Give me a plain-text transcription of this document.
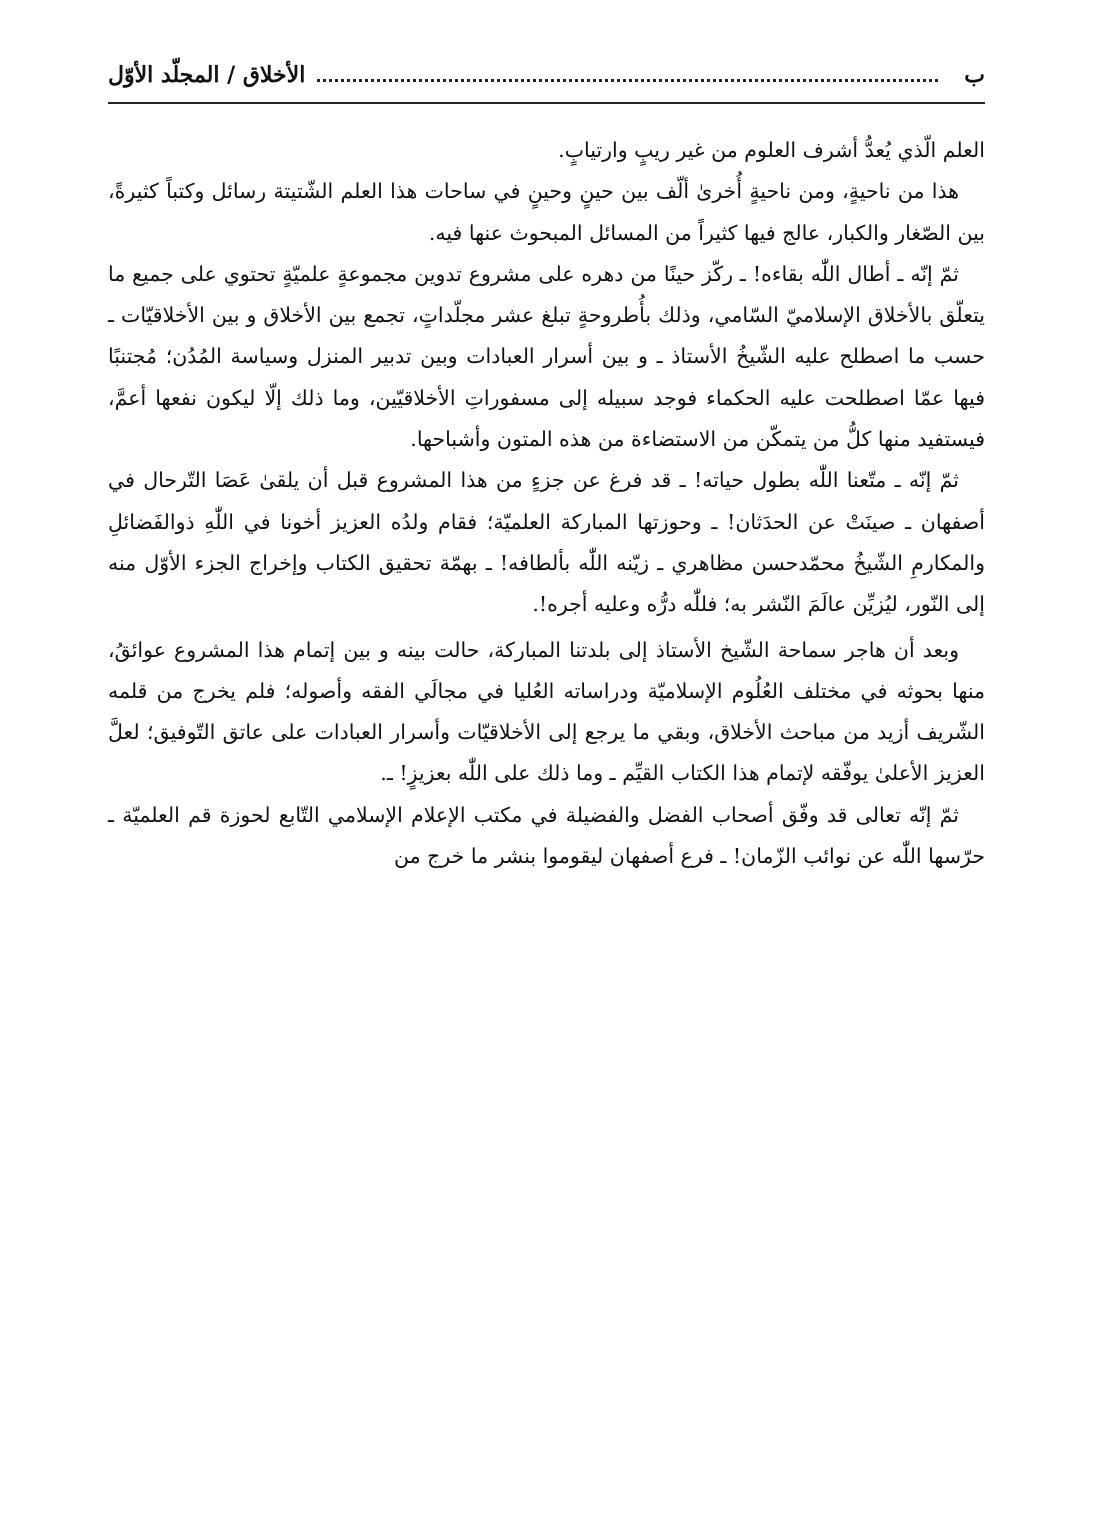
ب
الأخلاق / المجلّد الأوّل

العلم الّذي يُعدُّ أشرف العلوم من غير ريبٍ وارتيابٍ.

هذا من ناحيةٍ، ومن ناحيةٍ أُخرىٰ ألّف بين حينٍ وحينٍ في ساحات هذا العلم الشّتيتة رسائل وكتباً كثيرةً، بين الصّغار والكبار، عالج فيها كثيراً من المسائل المبحوث عنها فيه.

ثمّ إنّه ـ أطال اللّٰه بقاءه! ـ ركّز حينًا من دهره على مشروع تدوين مجموعةٍ علميّةٍ تحتوي على جميع ما يتعلّق بالأخلاق الإسلاميّ السّامي، وذلك بأُطروحةٍ تبلغ عشر مجلّداتٍ، تجمع بين الأخلاق و بين الأخلاقيّات ـ حسب ما اصطلح عليه الشّيخُ الأستاذ ـ و بين أسرار العبادات وبين تدبير المنزل وسياسة المُدُن؛ مُجتنبًا فيها عمّا اصطلحت عليه الحكماء فوجد سبيله إلى مسفوراتِ الأخلاقيّين، وما ذلك إلّا ليكون نفعها أعمَّ، فيستفيد منها كلُّ من يتمكّن من الاستضاءة من هذه المتون وأشباحها.

ثمّ إنّه ـ متّعنا اللّٰه بطول حياته! ـ قد فرغ عن جزءٍ من هذا المشروع قبل أن يلقىٰ عَصَا التّرحال في أصفهان ـ صينَتْ عن الحدَثان! ـ وحوزتها المباركة العلميّة؛ فقام ولدُه العزيز أخونا في اللّٰهِ ذوالفَضائلِ والمكارمِ الشّيخُ محمّدحسن مظاهري ـ زيّنه اللّٰه بألطافه! ـ بهمّة تحقيق الكتاب وإخراج الجزء الأوّل منه إلى النّور، ليُزيِّن عالَمَ النّشر به؛ فللّٰه درُّه وعليه أجره!.

وبعد أن هاجر سماحة الشّيخ الأستاذ إلى بلدتنا المباركة، حالت بينه و بين إتمام هذا المشروع عوائقُ، منها بحوثه في مختلف العُلُوم الإسلاميّة ودراساته العُليا في مجالَي الفقه وأصوله؛ فلم يخرج من قلمه الشّريف أزيد من مباحث الأخلاق، وبقي ما يرجع إلى الأخلاقيّات وأسرار العبادات على عاتق التّوفيق؛ لعلَّ العزيز الأعلىٰ يوفّقه لإتمام هذا الكتاب القيِّم ـ وما ذلك على اللّٰه بعزيزٍ! ـ.

ثمّ إنّه تعالى قد وفّق أصحاب الفضل والفضيلة في مكتب الإعلام الإسلامي التّابع لحوزة قم العلميّة ـ حرّسها اللّٰه عن نوائب الزّمان! ـ فرع أصفهان ليقوموا بنشر ما خرج من
